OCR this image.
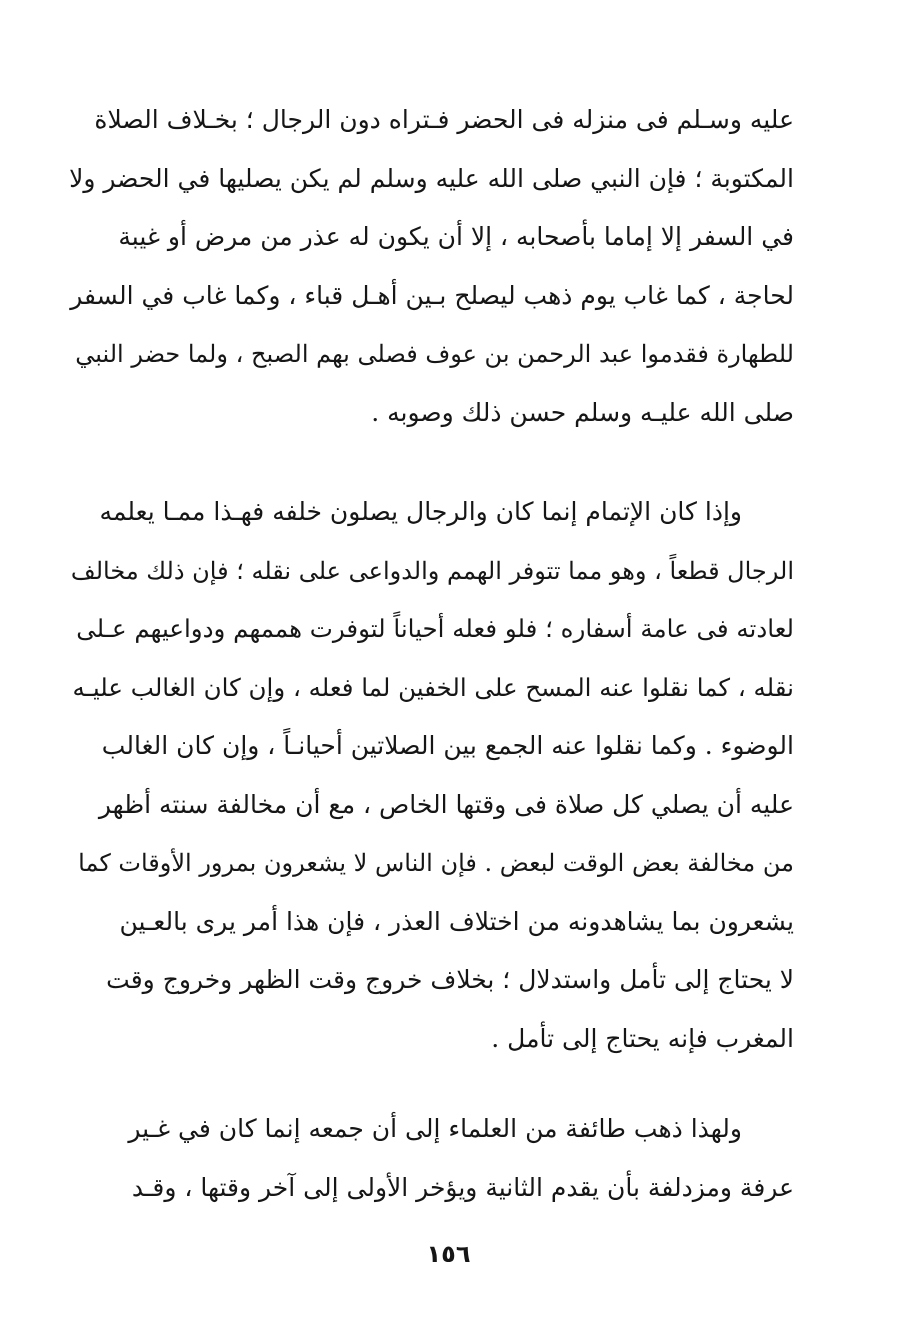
عليه وسـلم فى منزله فى الحضر فـتراه دون الرجال ؛ بخـلاف الصلاة
المكتوبة ؛ فإن النبي صلى الله عليه وسلم لم يكن يصليها في الحضر ولا
في السفر إلا إماما بأصحابه ، إلا أن يكون له عذر من مرض أو غيبة
لحاجة ، كما غاب يوم ذهب ليصلح بـين أهـل قباء ، وكما غاب في السفر
للطهارة فقدموا عبد الرحمن بن عوف فصلى بهم الصبح ، ولما حضر النبي
صلى الله عليـه وسلم حسن ذلك وصوبه .
وإذا كان الإتمام إنما كان والرجال يصلون خلفه فهـذا ممـا يعلمه
الرجال قطعاً ، وهو مما تتوفر الهمم والدواعى على نقله ؛ فإن ذلك مخالف
لعادته فى عامة أسفاره ؛ فلو فعله أحياناً لتوفرت هممهم ودواعيهم عـلى
نقله ، كما نقلوا عنه المسح على الخفين لما فعله ، وإن كان الغالب عليـه
الوضوء . وكما نقلوا عنه الجمع بين الصلاتين أحيانـاً ، وإن كان الغالب
عليه أن يصلي كل صلاة فى وقتها الخاص ، مع أن مخالفة سنته أظهر
من مخالفة بعض الوقت لبعض . فإن الناس لا يشعرون بمرور الأوقات كما
يشعرون بما يشاهدونه من اختلاف العذر ، فإن هذا أمر يرى بالعـين
لا يحتاج إلى تأمل واستدلال ؛ بخلاف خروج وقت الظهر وخروج وقت
المغرب فإنه يحتاج إلى تأمل .
ولهذا ذهب طائفة من العلماء إلى أن جمعه إنما كان في غـير
عرفة ومزدلفة بأن يقدم الثانية ويؤخر الأولى إلى آخر وقتها ، وقـد
١٥٦
